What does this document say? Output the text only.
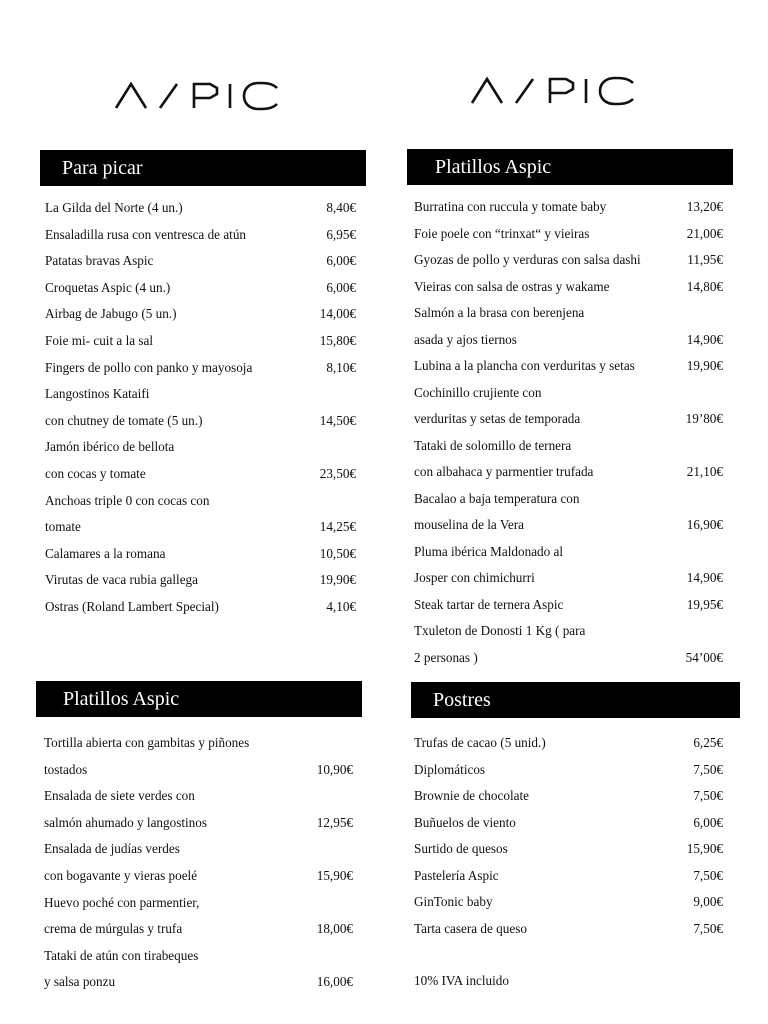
Para picar	Platillos Aspic
Platillos Aspic	Postres
La Gilda del Norte (4 un.)	8,40€
Ensaladilla rusa con ventresca de atún	6,95€
Patatas bravas Aspic	6,00€
Croquetas Aspic (4 un.)	6,00€
Airbag de Jabugo (5 un.)	14,00€
Foie mi- cuit a la sal	15,80€
Fingers de pollo con panko y mayosoja	8,10€
Langostinos Kataifi
con chutney de tomate (5 un.)	14,50€
Jamón ibérico de bellota
con cocas y tomate	23,50€
Anchoas triple 0 con cocas con
tomate	14,25€
Calamares a la romana	10,50€
Virutas de vaca rubia gallega	19,90€
Ostras (Roland Lambert Special)	4,10€
Burratina con ruccula y tomate baby	13,20€
Foie poele con “trinxat“ y vieiras	21,00€
Gyozas de pollo y verduras con salsa dashi	11,95€
Vieiras con salsa de ostras y wakame	14,80€
Salmón a la brasa con berenjena
asada y ajos tiernos	14,90€
Lubina a la plancha con verduritas y setas	19,90€
Cochinillo crujiente con
verduritas y setas de temporada	19’80€
Tataki de solomillo de ternera
con albahaca y parmentier trufada	21,10€
Bacalao a baja temperatura con
mouselina de la Vera	16,90€
Pluma ibérica Maldonado al
Josper con chimichurri	14,90€
Steak tartar de ternera Aspic	19,95€
Txuleton de Donosti 1 Kg ( para
2 personas )	54’00€
Tortilla abierta con gambitas y piñones
tostados	10,90€
Ensalada de siete verdes con
salmón ahumado y langostinos	12,95€
Ensalada de judías verdes
con bogavante y vieras poelé	15,90€
Huevo poché con parmentier,
crema de múrgulas y trufa	18,00€
Tataki de atún con tirabeques
y salsa ponzu	16,00€
Trufas de cacao (5 unid.)	6,25€
Diplomáticos	7,50€
Brownie de chocolate	7,50€
Buñuelos de viento	6,00€
Surtido de quesos	15,90€
Pastelería Aspic	7,50€
GinTonic baby	9,00€
Tarta casera de queso	7,50€
10% IVA incluido
